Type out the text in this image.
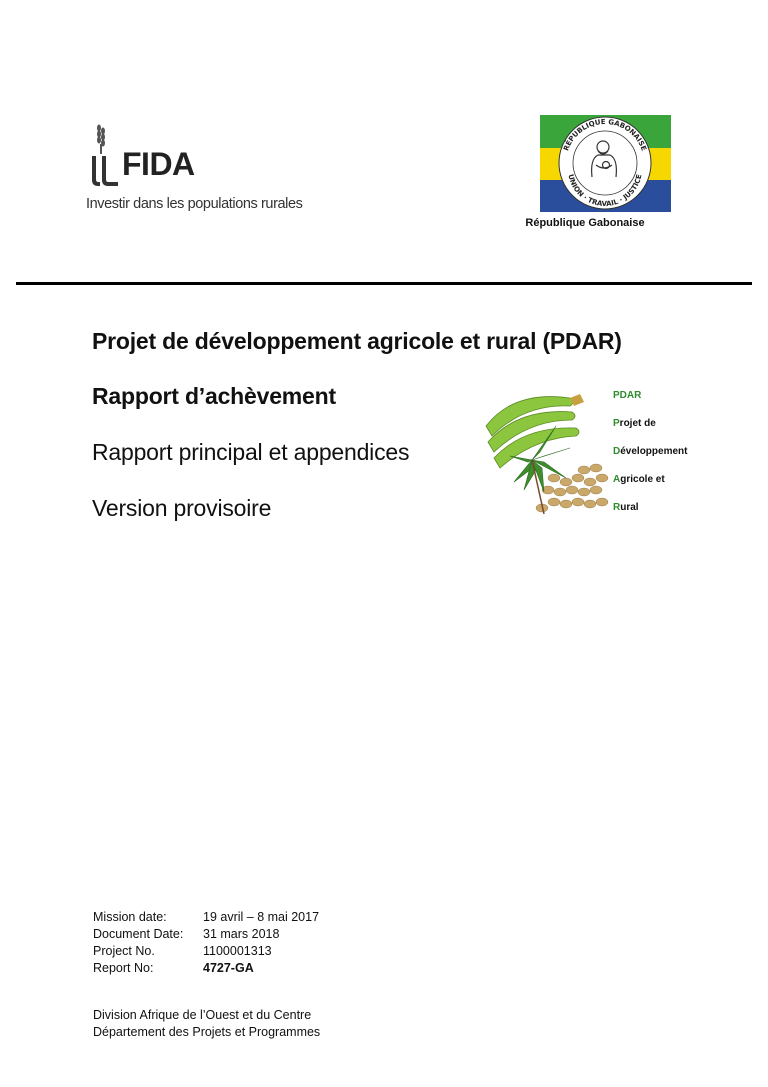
FIDA
Investir dans les populations rurales
RÉPUBLIQUE GABONAISE
UNION · TRAVAIL · JUSTICE
République Gabonaise
Projet de développement agricole et rural (PDAR)
Rapport d’achèvement
Rapport principal et appendices
Version provisoire
PDAR
Projet de
Développement
Agricole et
Rural
Mission date:	19 avril – 8 mai 2017
Document Date: 31 mars 2018
Project No.	1100001313
Report No:	4727-GA
Division Afrique de l’Ouest et du Centre
Département des Projets et Programmes
